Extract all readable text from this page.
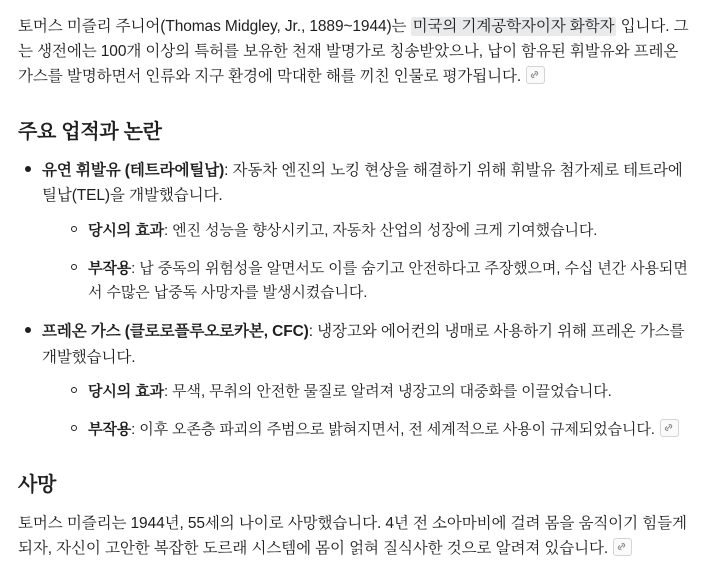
토머스 미즐리 주니어(Thomas Midgley, Jr., 1889~1944)는 미국의 기계공학자이자 화학자 입니다. 그는 생전에는 100개 이상의 특허를 보유한 천재 발명가로 칭송받았으나, 납이 함유된 휘발유와 프레온 가스를 발명하면서 인류와 지구 환경에 막대한 해를 끼친 인물로 평가됩니다.

주요 업적과 논란
유연 휘발유 (테트라에틸납): 자동차 엔진의 노킹 현상을 해결하기 위해 휘발유 첨가제로 테트라에틸납(TEL)을 개발했습니다.
당시의 효과: 엔진 성능을 향상시키고, 자동차 산업의 성장에 크게 기여했습니다.
부작용: 납 중독의 위험성을 알면서도 이를 숨기고 안전하다고 주장했으며, 수십 년간 사용되면서 수많은 납중독 사망자를 발생시켰습니다.
프레온 가스 (클로로플루오로카본, CFC): 냉장고와 에어컨의 냉매로 사용하기 위해 프레온 가스를 개발했습니다.
당시의 효과: 무색, 무취의 안전한 물질로 알려져 냉장고의 대중화를 이끌었습니다.
부작용: 이후 오존층 파괴의 주범으로 밝혀지면서, 전 세계적으로 사용이 규제되었습니다.
사망

토머스 미즐리는 1944년, 55세의 나이로 사망했습니다. 4년 전 소아마비에 걸려 몸을 움직이기 힘들게 되자, 자신이 고안한 복잡한 도르래 시스템에 몸이 얽혀 질식사한 것으로 알려져 있습니다.
